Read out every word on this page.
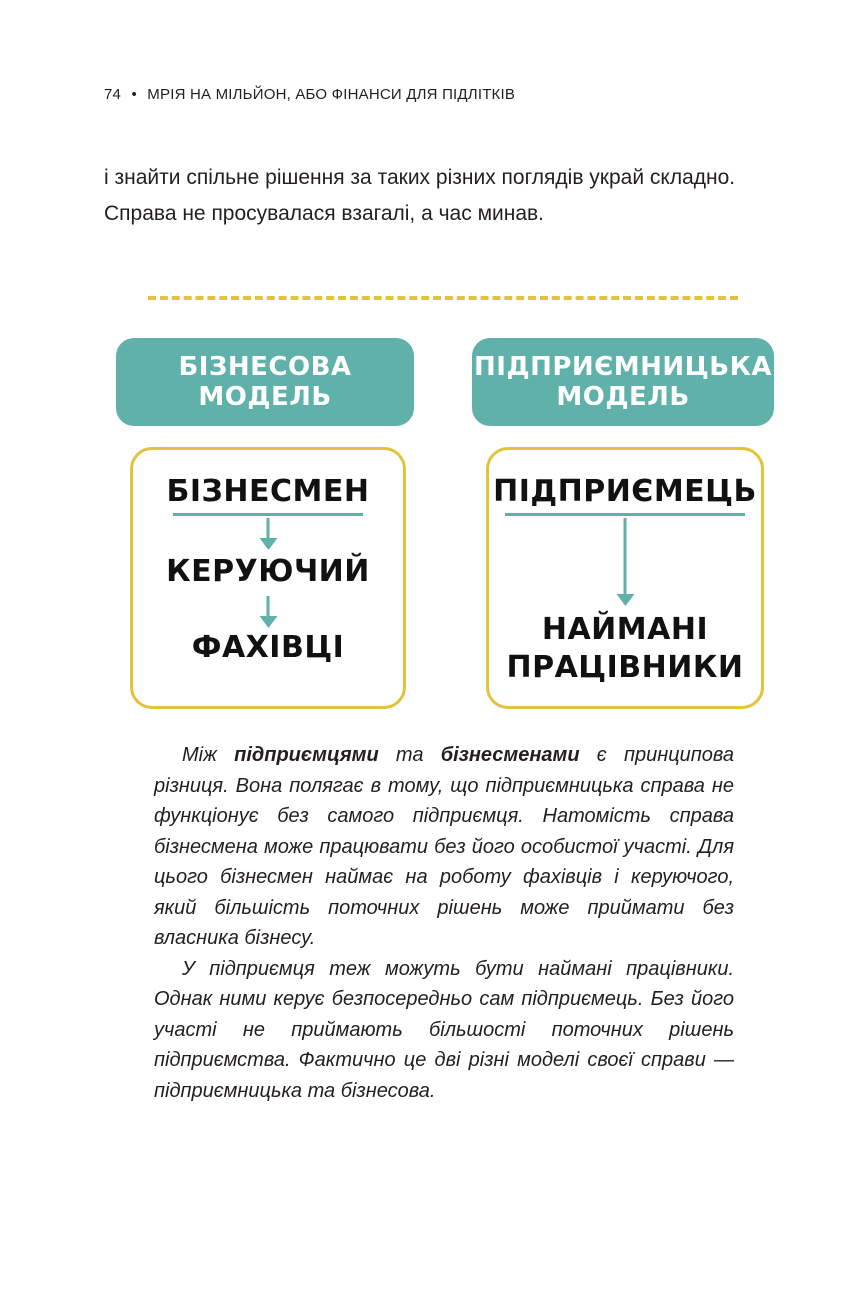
74 • МРІЯ НА МІЛЬЙОН, АБО ФІНАНСИ ДЛЯ ПІДЛІТКІВ

і знайти спільне рішення за таких різних поглядів украй складно. Справа не просувалася взагалі, а час минав.

БІЗНЕСОВА
МОДЕЛЬ
ПІДПРИЄМНИЦЬКА
МОДЕЛЬ
БІЗНЕСМЕН
КЕРУЮЧИЙ
ФАХІВЦІ
ПІДПРИЄМЕЦЬ
НАЙМАНІ
ПРАЦІВНИКИ

Між підприємцями та бізнесменами є принципова різниця. Вона полягає в тому, що підприємницька справа не функціонує без самого підприємця. Натомість справа бізнесмена може працювати без його особистої участі. Для цього бізнесмен наймає на роботу фахівців і керуючого, який більшість поточних рішень може приймати без власника бізнесу.

У підприємця теж можуть бути наймані працівники. Однак ними керує безпосередньо сам підприємець. Без його участі не приймають більшості поточних рішень підприємства. Фактично це дві різні моделі своєї справи — підприємницька та бізнесова.
